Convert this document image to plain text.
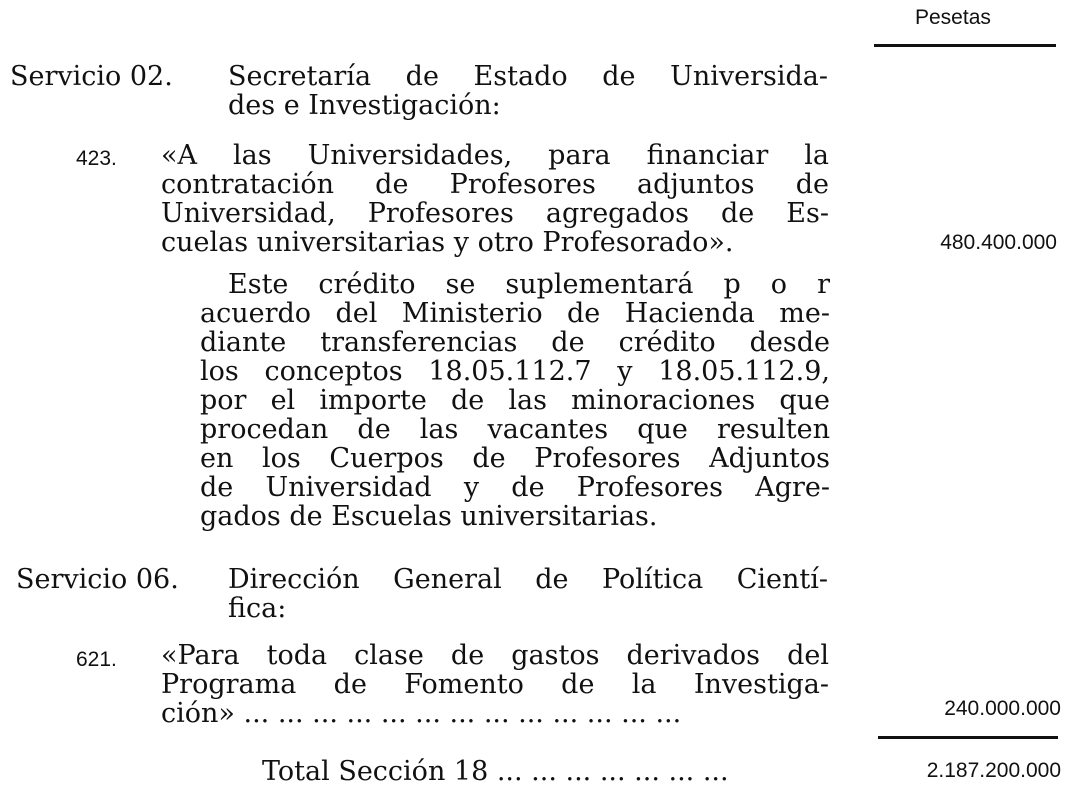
Pesetas
Servicio 02. Secretaría de Estado de Universida-
des e Investigación:
423. «A las Universidades, para financiar la
contratación de Profesores adjuntos de
Universidad, Profesores agregados de Es-
cuelas universitarias y otro Profesorado».	480.400.000
Este crédito se suplementará p o r
acuerdo del Ministerio de Hacienda me-
diante transferencias de crédito desde
los conceptos 18.05.112.7 y 18.05.112.9,
por el importe de las minoraciones que
procedan de las vacantes que resulten
en los Cuerpos de Profesores Adjuntos
de Universidad y de Profesores Agre-
gados de Escuelas universitarias.
Servicio 06. Dirección General de Política Cientí-
fica:
621. «Para toda clase de gastos derivados del
Programa de Fomento de la Investiga-
ción» ... ... ... ... ... ... ... ... ... ... ... ... ...	240.000.000
Total Sección 18 ... ... ... ... ... ... ...	2.187.200.000
